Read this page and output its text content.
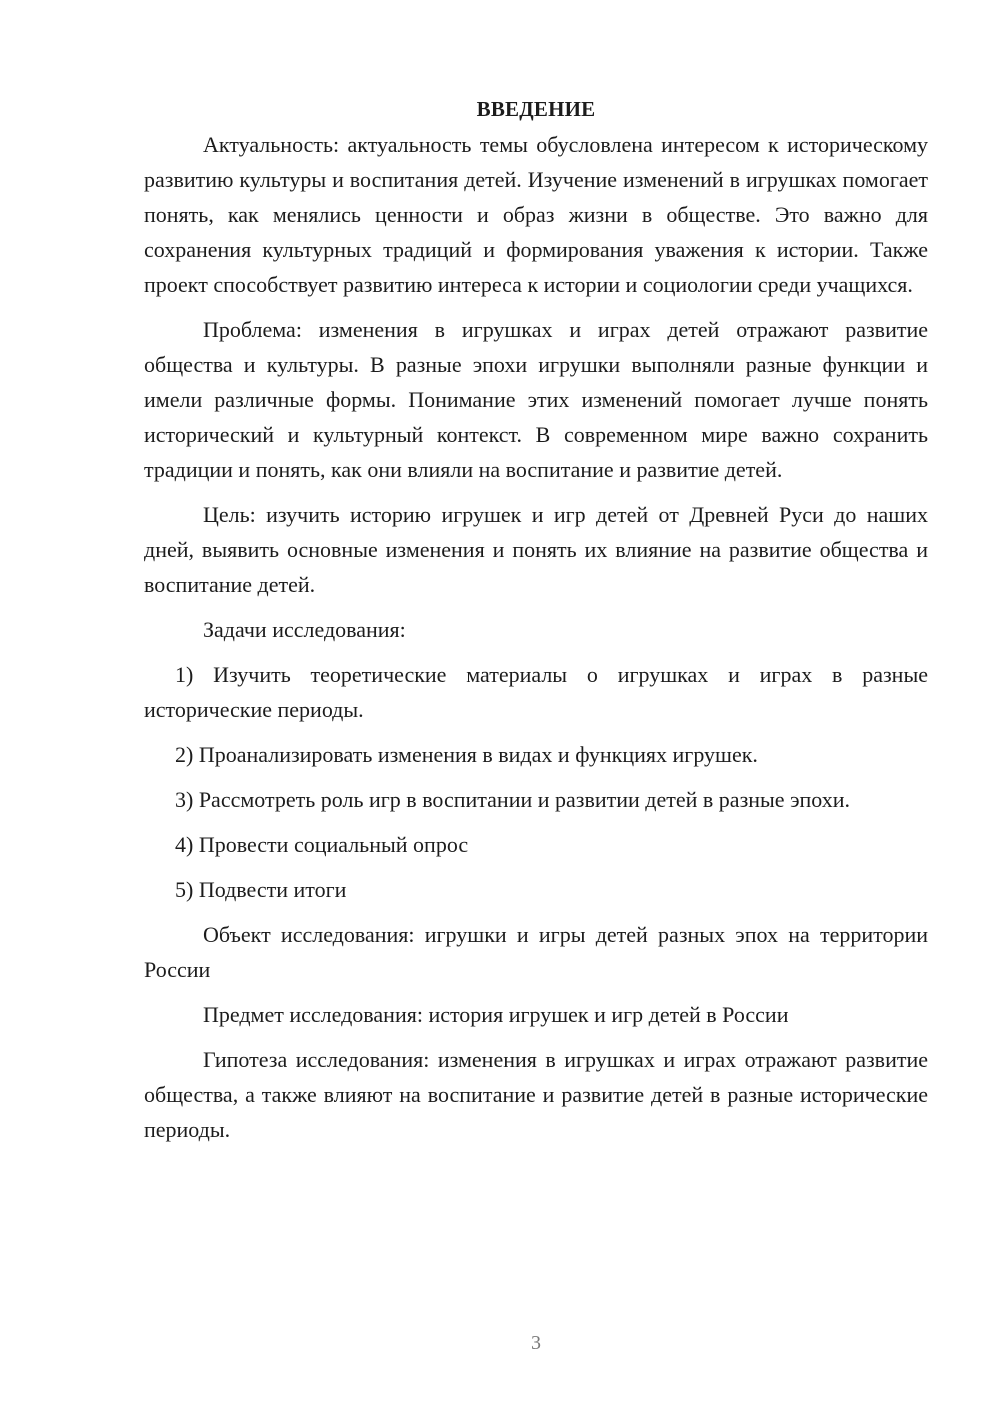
ВВЕДЕНИЕ

Актуальность: актуальность темы обусловлена интересом к историческому развитию культуры и воспитания детей. Изучение изменений в игрушках помогает понять, как менялись ценности и образ жизни в обществе. Это важно для сохранения культурных традиций и формирования уважения к истории. Также проект способствует развитию интереса к истории и социологии среди учащихся.

Проблема: изменения в игрушках и играх детей отражают развитие общества и культуры. В разные эпохи игрушки выполняли разные функции и имели различные формы. Понимание этих изменений помогает лучше понять исторический и культурный контекст. В современном мире важно сохранить традиции и понять, как они влияли на воспитание и развитие детей.

Цель: изучить историю игрушек и игр детей от Древней Руси до наших дней, выявить основные изменения и понять их влияние на развитие общества и воспитание детей.

Задачи исследования:

1) Изучить теоретические материалы о игрушках и играх в разные исторические периоды.

2) Проанализировать изменения в видах и функциях игрушек.

3) Рассмотреть роль игр в воспитании и развитии детей в разные эпохи.

4) Провести социальный опрос

5) Подвести итоги

Объект исследования: игрушки и игры детей разных эпох на территории России

Предмет исследования: история игрушек и игр детей в России

Гипотеза исследования: изменения в игрушках и играх отражают развитие общества, а также влияют на воспитание и развитие детей в разные исторические периоды.

3
